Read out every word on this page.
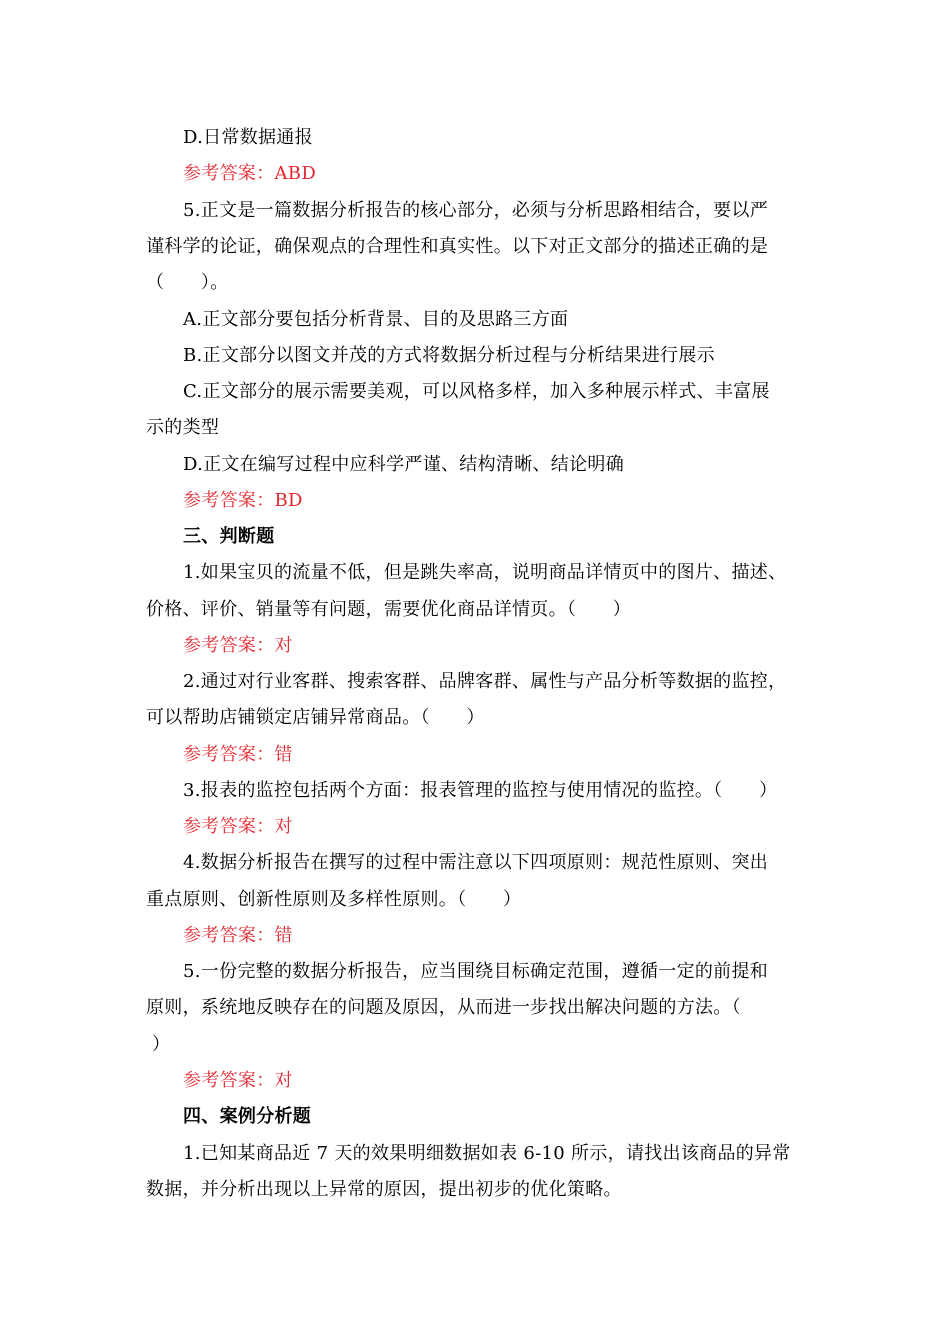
D.日常数据通报
参考答案：ABD
5.正文是一篇数据分析报告的核心部分，必须与分析思路相结合，要以严
谨科学的论证，确保观点的合理性和真实性。以下对正文部分的描述正确的是
（　　）。
A.正文部分要包括分析背景、目的及思路三方面
B.正文部分以图文并茂的方式将数据分析过程与分析结果进行展示
C.正文部分的展示需要美观，可以风格多样，加入多种展示样式、丰富展
示的类型
D.正文在编写过程中应科学严谨、结构清晰、结论明确
参考答案：BD
三、判断题
1.如果宝贝的流量不低，但是跳失率高，说明商品详情页中的图片、描述、
价格、评价、销量等有问题，需要优化商品详情页。（　　）
参考答案：对
2.通过对行业客群、搜索客群、品牌客群、属性与产品分析等数据的监控，
可以帮助店铺锁定店铺异常商品。（　　）
参考答案：错
3.报表的监控包括两个方面：报表管理的监控与使用情况的监控。（　　）
参考答案：对
4.数据分析报告在撰写的过程中需注意以下四项原则：规范性原则、突出
重点原则、创新性原则及多样性原则。（　　）
参考答案：错
5.一份完整的数据分析报告，应当围绕目标确定范围，遵循一定的前提和
原则，系统地反映存在的问题及原因，从而进一步找出解决问题的方法。（
）
参考答案：对
四、案例分析题
1.已知某商品近 7 天的效果明细数据如表 6-10 所示，请找出该商品的异常
数据，并分析出现以上异常的原因，提出初步的优化策略。
